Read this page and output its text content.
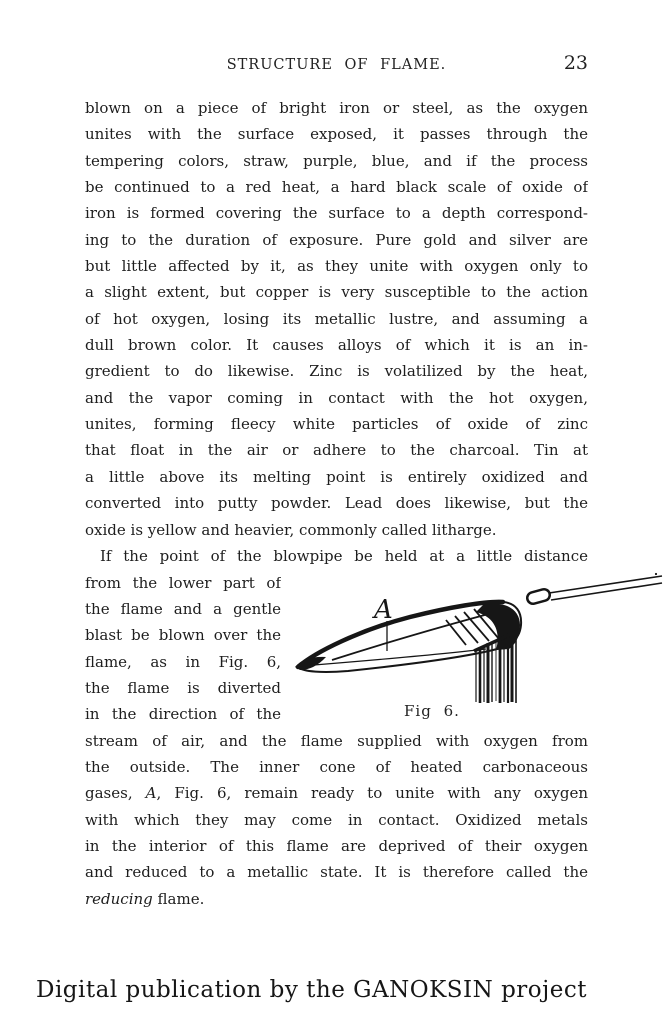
STRUCTURE OF FLAME.	23
blown on a piece of bright iron or steel, as the oxygen
unites with the surface exposed, it passes through the
tempering colors, straw, purple, blue, and if the process
be continued to a red heat, a hard black scale of oxide of
iron is formed covering the surface to a depth correspond-
ing to the duration of exposure. Pure gold and silver are
but little affected by it, as they unite with oxygen only to
a slight extent, but copper is very susceptible to the action
of hot oxygen, losing its metallic lustre, and assuming a
dull brown color. It causes alloys of which it is an in-
gredient to do likewise. Zinc is volatilized by the heat,
and the vapor coming in contact with the hot oxygen,
unites, forming fleecy white particles of oxide of zinc
that float in the air or adhere to the charcoal. Tin at
a little above its melting point is entirely oxidized and
converted into putty powder. Lead does likewise, but the
oxide is yellow and heavier, commonly called litharge.
If the point of the blowpipe be held at a little distance
from the lower part of
the flame and a gentle
blast be blown over the
flame, as in Fig. 6,
the flame is diverted
in the direction of the
A
Fig 6.
stream of air, and the flame supplied with oxygen from
the outside. The inner cone of heated carbonaceous
gases, A, Fig. 6, remain ready to unite with any oxygen
with which they may come in contact. Oxidized metals
in the interior of this flame are deprived of their oxygen
and reduced to a metallic state. It is therefore called the
reducing flame.
Digital publication by the GANOKSIN project
